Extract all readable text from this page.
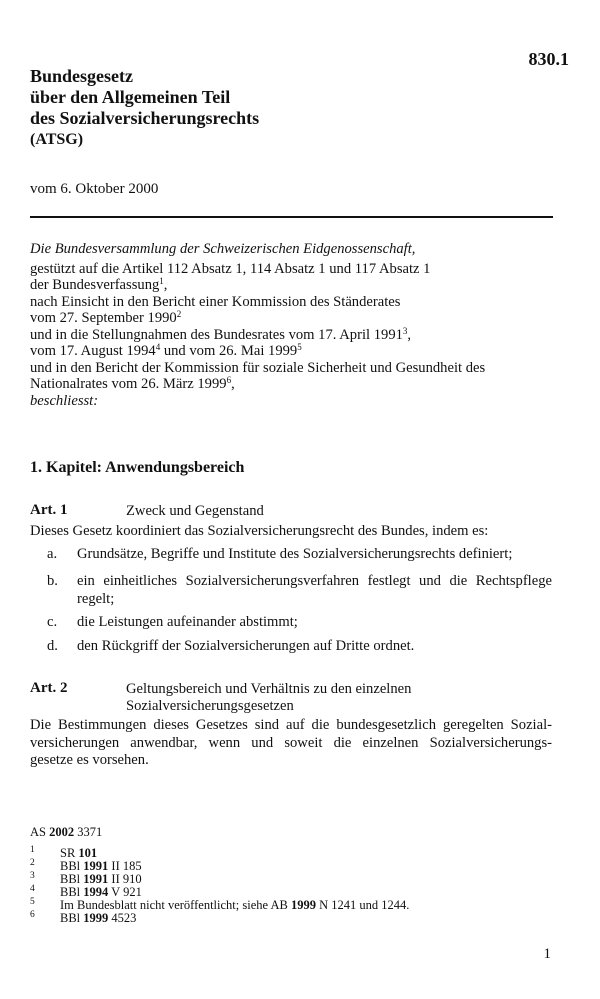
830.1
Bundesgesetz
über den Allgemeinen Teil
des Sozialversicherungsrechts
(ATSG)
vom 6. Oktober 2000
Die Bundesversammlung der Schweizerischen Eidgenossenschaft,
gestützt auf die Artikel 112 Absatz 1, 114 Absatz 1 und 117 Absatz 1
der Bundesverfassung$^1$,
nach Einsicht in den Bericht einer Kommission des Ständerates
vom 27. September 1990$^2$
und in die Stellungnahmen des Bundesrates vom 17. April 1991$^3$,
vom 17. August 1994$^4$ und vom 26. Mai 1999$^5$
und in den Bericht der Kommission für soziale Sicherheit und Gesundheit des
Nationalrates vom 26. März 1999$^6$,
beschliesst:
1. Kapitel: Anwendungsbereich
Art. 1	Zweck und Gegenstand
Dieses Gesetz koordiniert das Sozialversicherungsrecht des Bundes, indem es:
a. Grundsätze, Begriffe und Institute des Sozialversicherungsrechts definiert;
b. ein einheitliches Sozialversicherungsverfahren festlegt und die Rechtspflege regelt;
c. die Leistungen aufeinander abstimmt;
d. den Rückgriff der Sozialversicherungen auf Dritte ordnet.
Art. 2	Geltungsbereich und Verhältnis zu den einzelnen
Sozialversicherungsgesetzen
Die Bestimmungen dieses Gesetzes sind auf die bundesgesetzlich geregelten Sozial-
versicherungen anwendbar, wenn und soweit die einzelnen Sozialversicherungs-
gesetze es vorsehen.
AS 2002 3371
1 SR 101
2 BBl 1991 II 185
3 BBl 1991 II 910
4 BBl 1994 V 921
5 Im Bundesblatt nicht veröffentlicht; siehe AB 1999 N 1241 und 1244.
6 BBl 1999 4523
1
